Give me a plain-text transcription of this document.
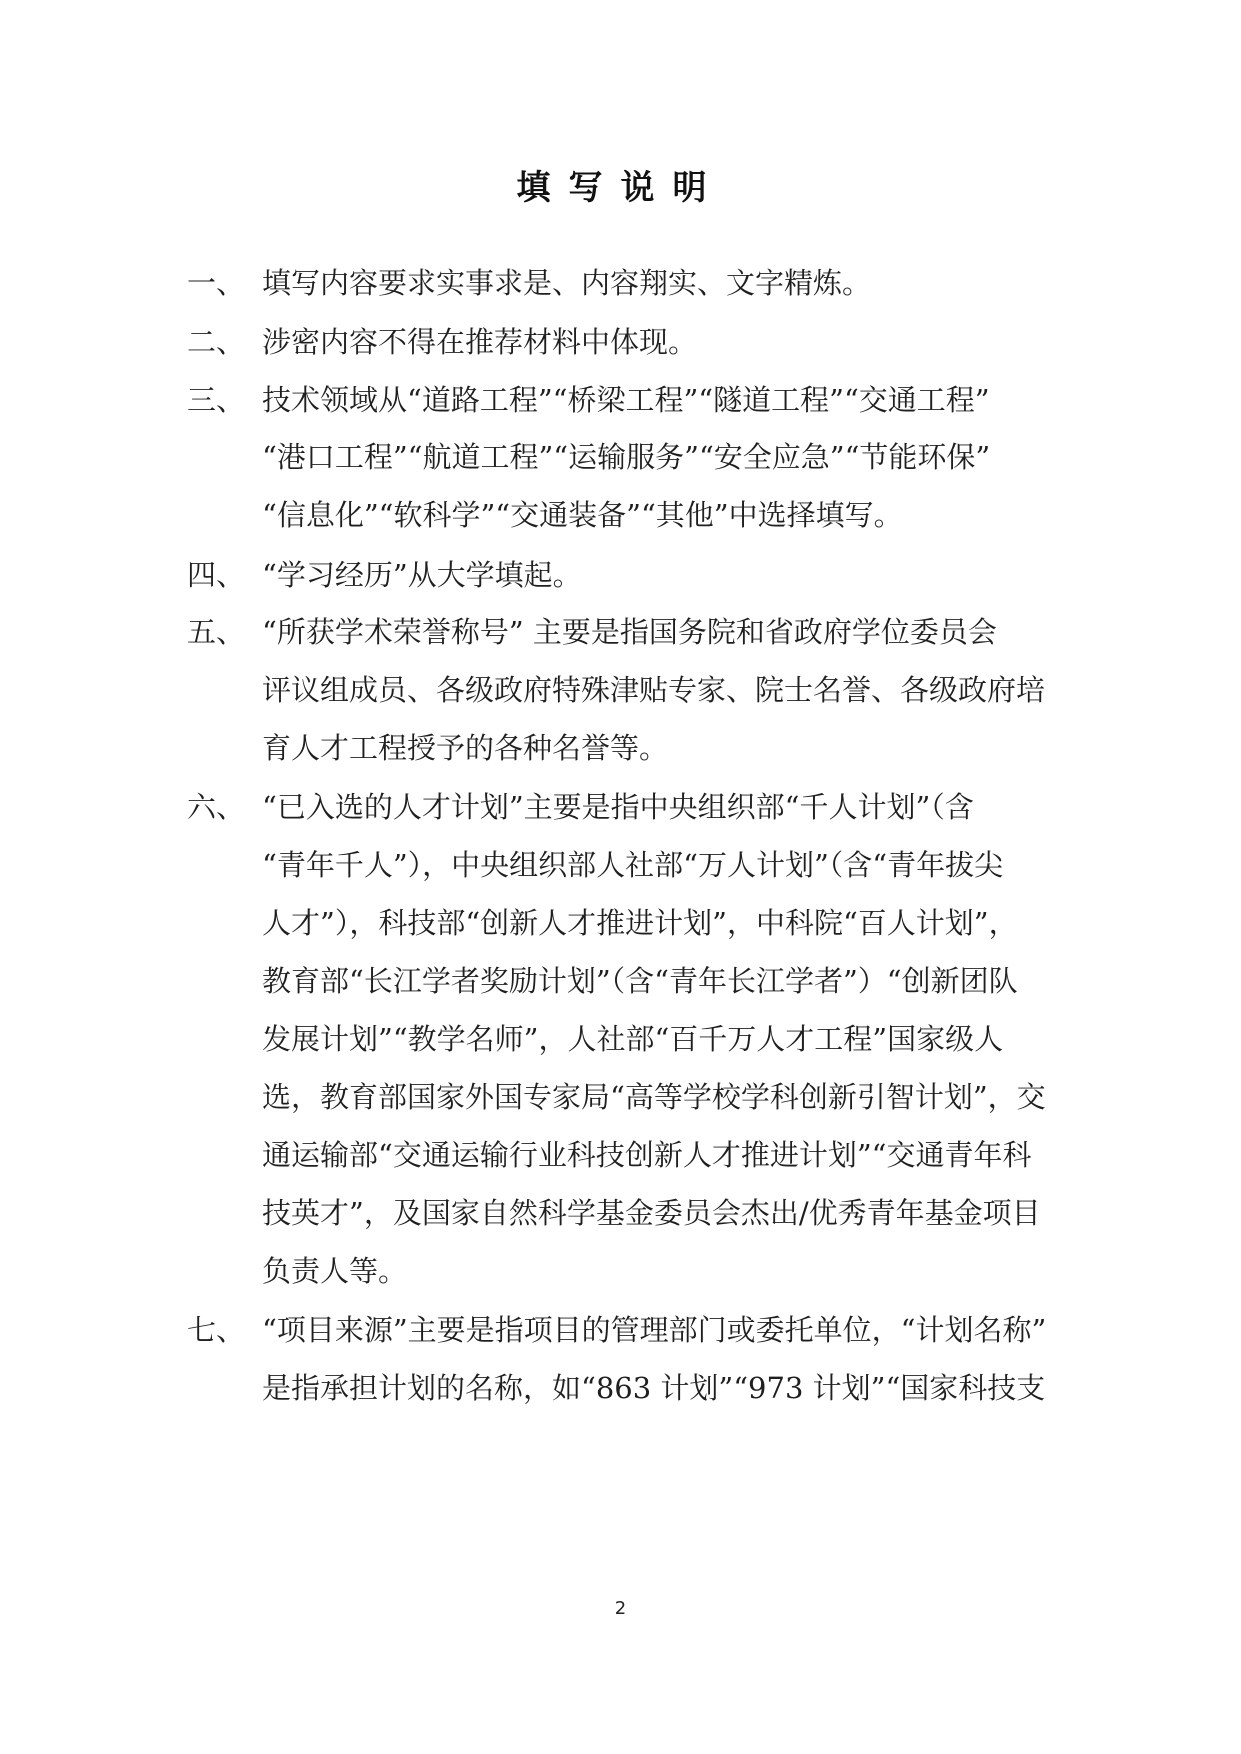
填写说明
一、 填写内容要求实事求是、内容翔实、文字精炼。
二、 涉密内容不得在推荐材料中体现。
三、 技术领域从“道路工程”“桥梁工程”“隧道工程”“交通工程”
“港口工程”“航道工程”“运输服务”“安全应急”“节能环保”
“信息化”“软科学”“交通装备”“其他”中选择填写。
四、 “学习经历”从大学填起。
五、 “所获学术荣誉称号” 主要是指国务院和省政府学位委员会
评议组成员、各级政府特殊津贴专家、院士名誉、各级政府培
育人才工程授予的各种名誉等。
六、 “已入选的人才计划”主要是指中央组织部“千人计划”（含
“青年千人”），中央组织部人社部“万人计划”（含“青年拔尖
人才”），科技部“创新人才推进计划”，中科院“百人计划”，
教育部“长江学者奖励计划”（含“青年长江学者”）“创新团队
发展计划”“教学名师”，人社部“百千万人才工程”国家级人
选，教育部国家外国专家局“高等学校学科创新引智计划”，交
通运输部“交通运输行业科技创新人才推进计划”“交通青年科
技英才”，及国家自然科学基金委员会杰出/优秀青年基金项目
负责人等。
七、 “项目来源”主要是指项目的管理部门或委托单位，“计划名称”
是指承担计划的名称，如“863 计划”“973 计划”“国家科技支
2
